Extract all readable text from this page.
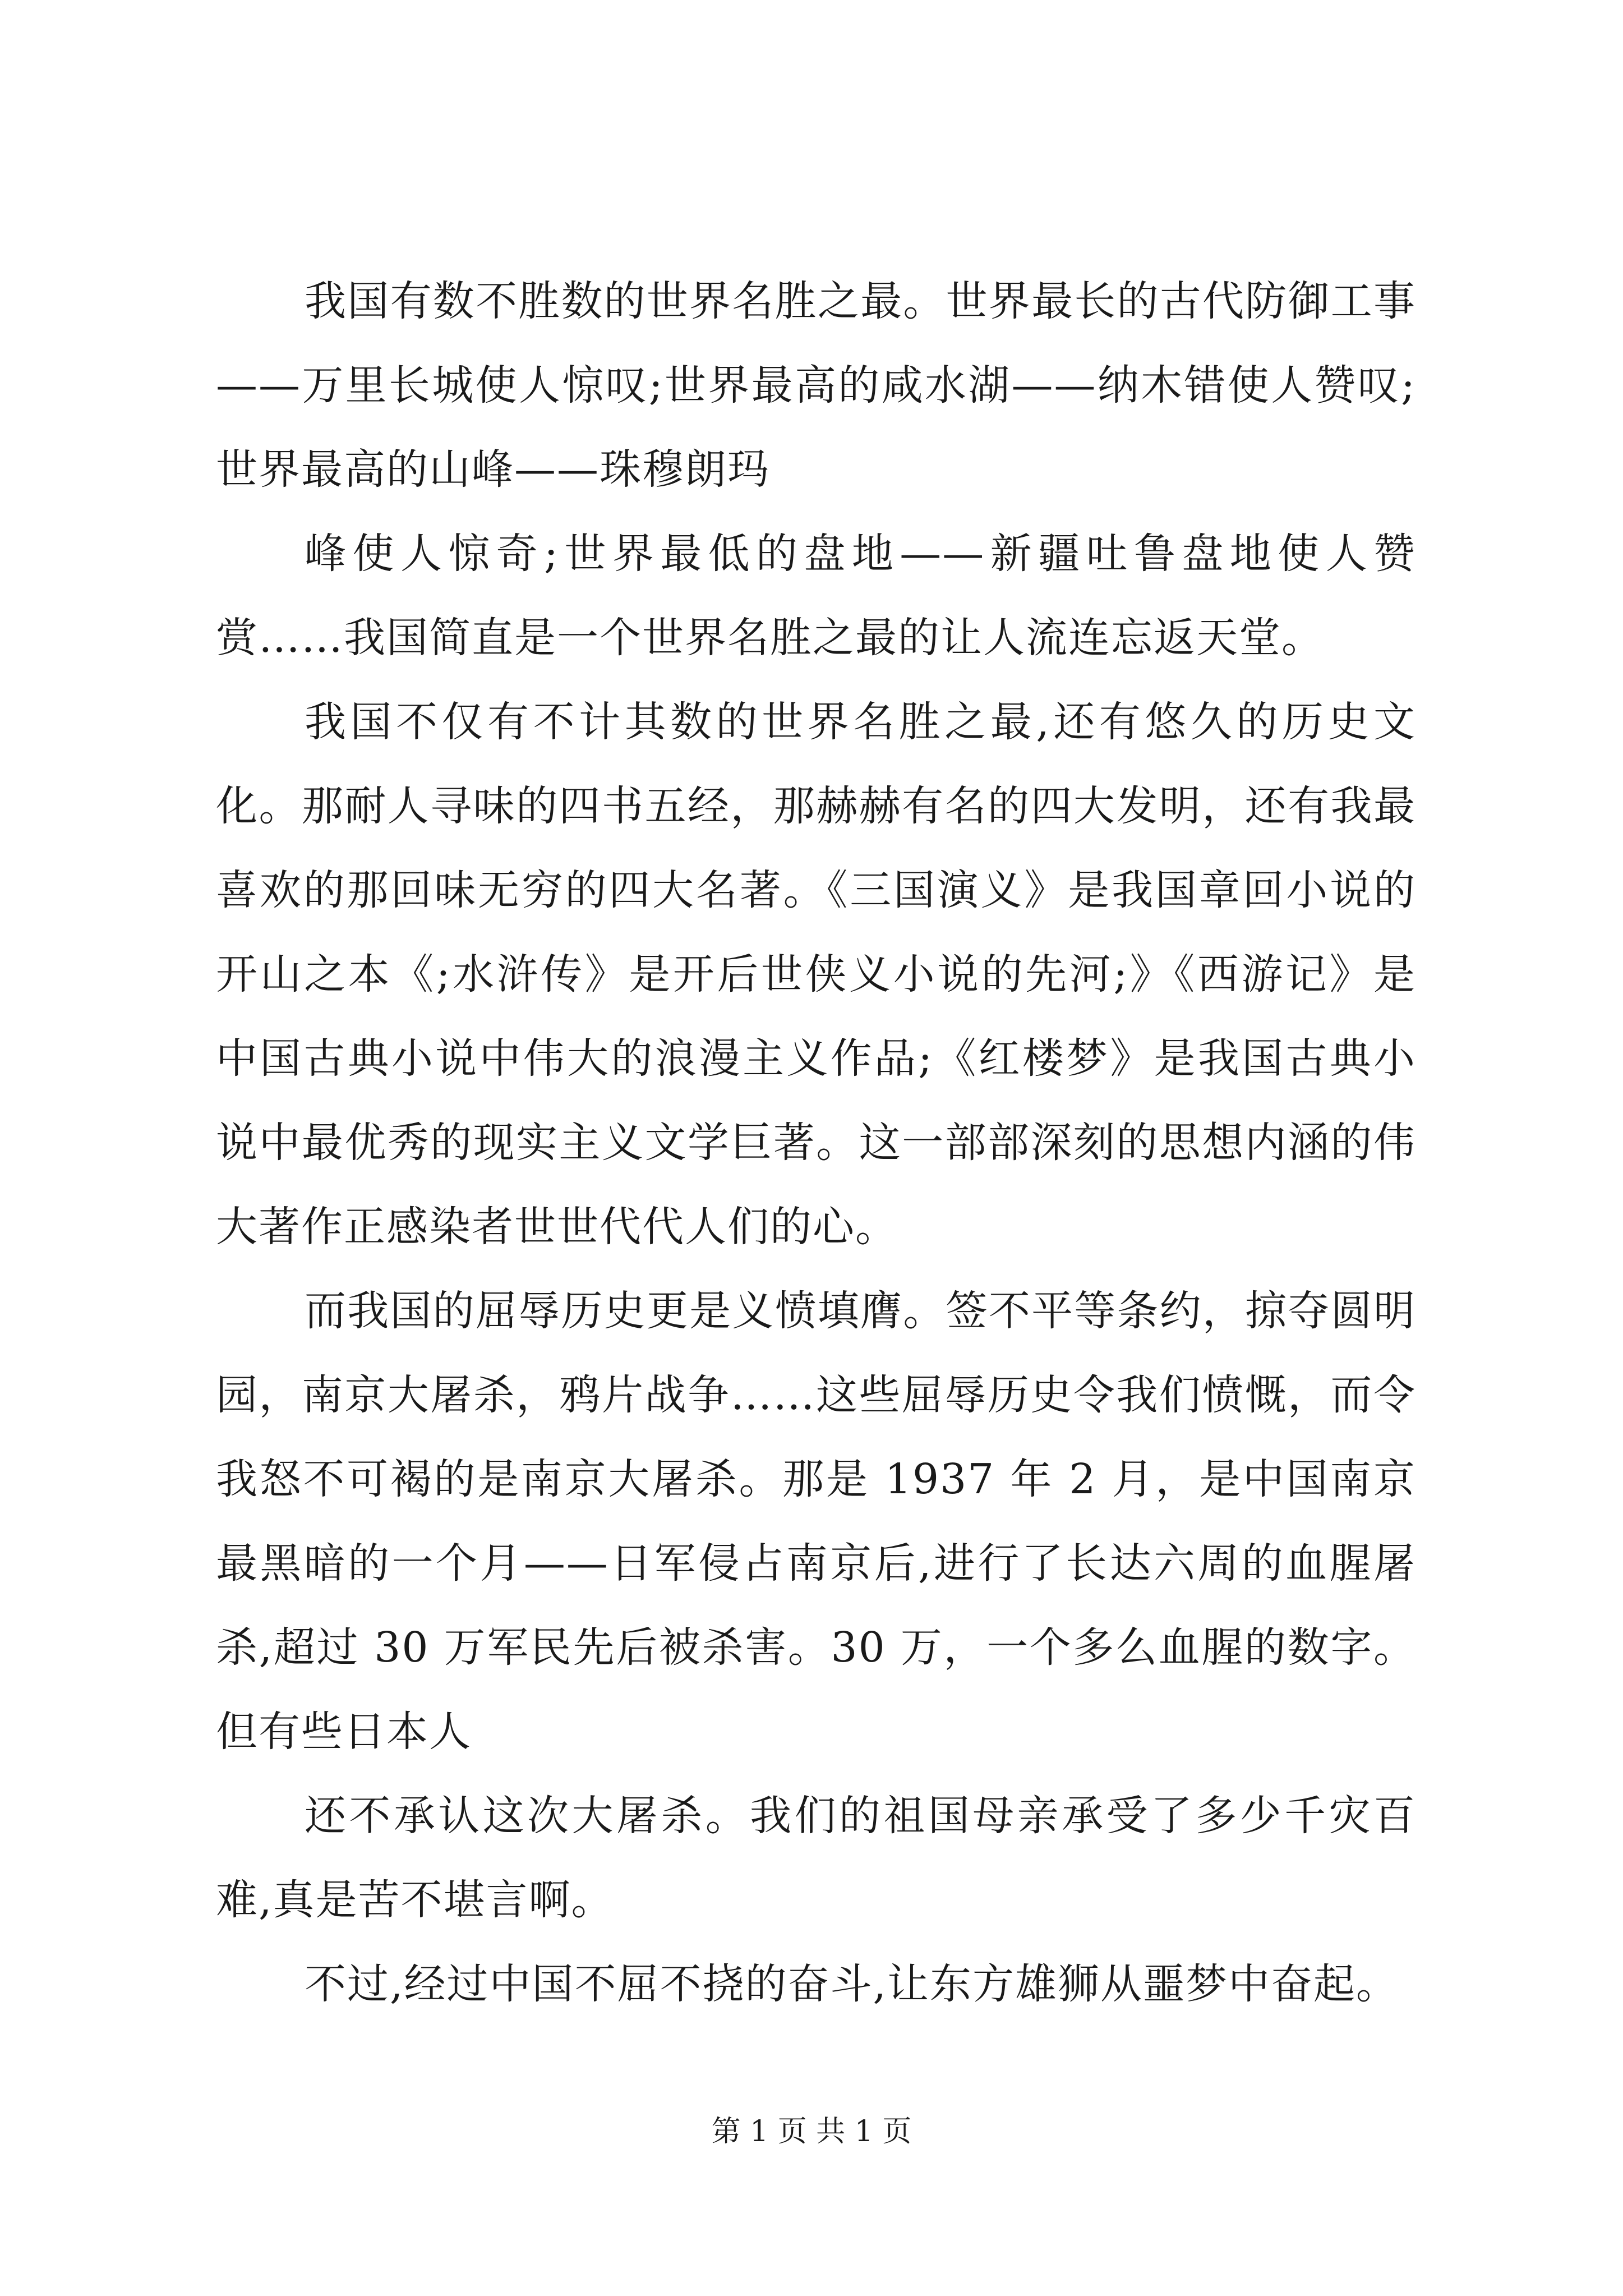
我国有数不胜数的世界名胜之最。世界最长的古代防御工事——万里长城使人惊叹;世界最高的咸水湖——纳木错使人赞叹;世界最高的山峰——珠穆朗玛

峰使人惊奇;世界最低的盘地——新疆吐鲁盘地使人赞赏……我国简直是一个世界名胜之最的让人流连忘返天堂。

我国不仅有不计其数的世界名胜之最,还有悠久的历史文化。那耐人寻味的四书五经，那赫赫有名的四大发明，还有我最喜欢的那回味无穷的四大名著。《三国演义》是我国章回小说的开山之本《;水浒传》是开后世侠义小说的先河;》《西游记》是中国古典小说中伟大的浪漫主义作品;《红楼梦》是我国古典小说中最优秀的现实主义文学巨著。这一部部深刻的思想内涵的伟大著作正感染者世世代代人们的心。

而我国的屈辱历史更是义愤填膺。签不平等条约，掠夺圆明园，南京大屠杀，鸦片战争……这些屈辱历史令我们愤慨，而令我怒不可褐的是南京大屠杀。那是 1937 年 2 月，是中国南京最黑暗的一个月——日军侵占南京后,进行了长达六周的血腥屠杀,超过 30 万军民先后被杀害。30 万，一个多么血腥的数字。但有些日本人

还不承认这次大屠杀。我们的祖国母亲承受了多少千灾百难,真是苦不堪言啊。

不过,经过中国不屈不挠的奋斗,让东方雄狮从噩梦中奋起。

第 1 页 共 1 页
